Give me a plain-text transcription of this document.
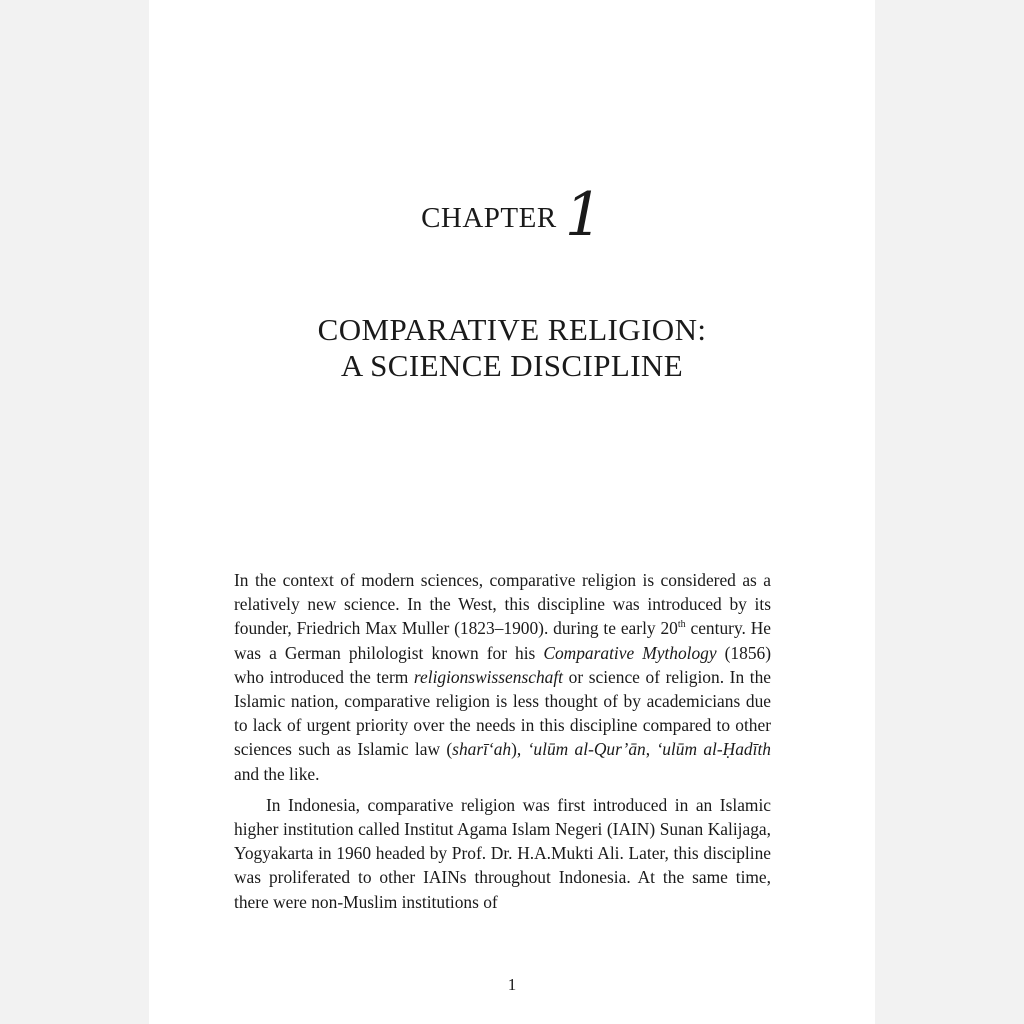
CHAPTER 1
COMPARATIVE RELIGION:
A SCIENCE DISCIPLINE

In the context of modern sciences, comparative religion is considered as a relatively new science. In the West, this discipline was introduced by its founder, Friedrich Max Muller (1823–1900). during te early 20th century. He was a German philologist known for his Comparative Mythology (1856) who introduced the term religionswissenschaft or science of religion. In the Islamic nation, comparative religion is less thought of by academicians due to lack of urgent priority over the needs in this discipline compared to other sciences such as Islamic law (sharī‘ah), ‘ulūm al-Qur’ān, ‘ulūm al-Ḥadīth and the like.

In Indonesia, comparative religion was first introduced in an Islamic higher institution called Institut Agama Islam Negeri (IAIN) Sunan Kalijaga, Yogyakarta in 1960 headed by Prof. Dr. H.A.Mukti Ali. Later, this discipline was proliferated to other IAINs throughout Indonesia. At the same time, there were non-Muslim institutions of

1
